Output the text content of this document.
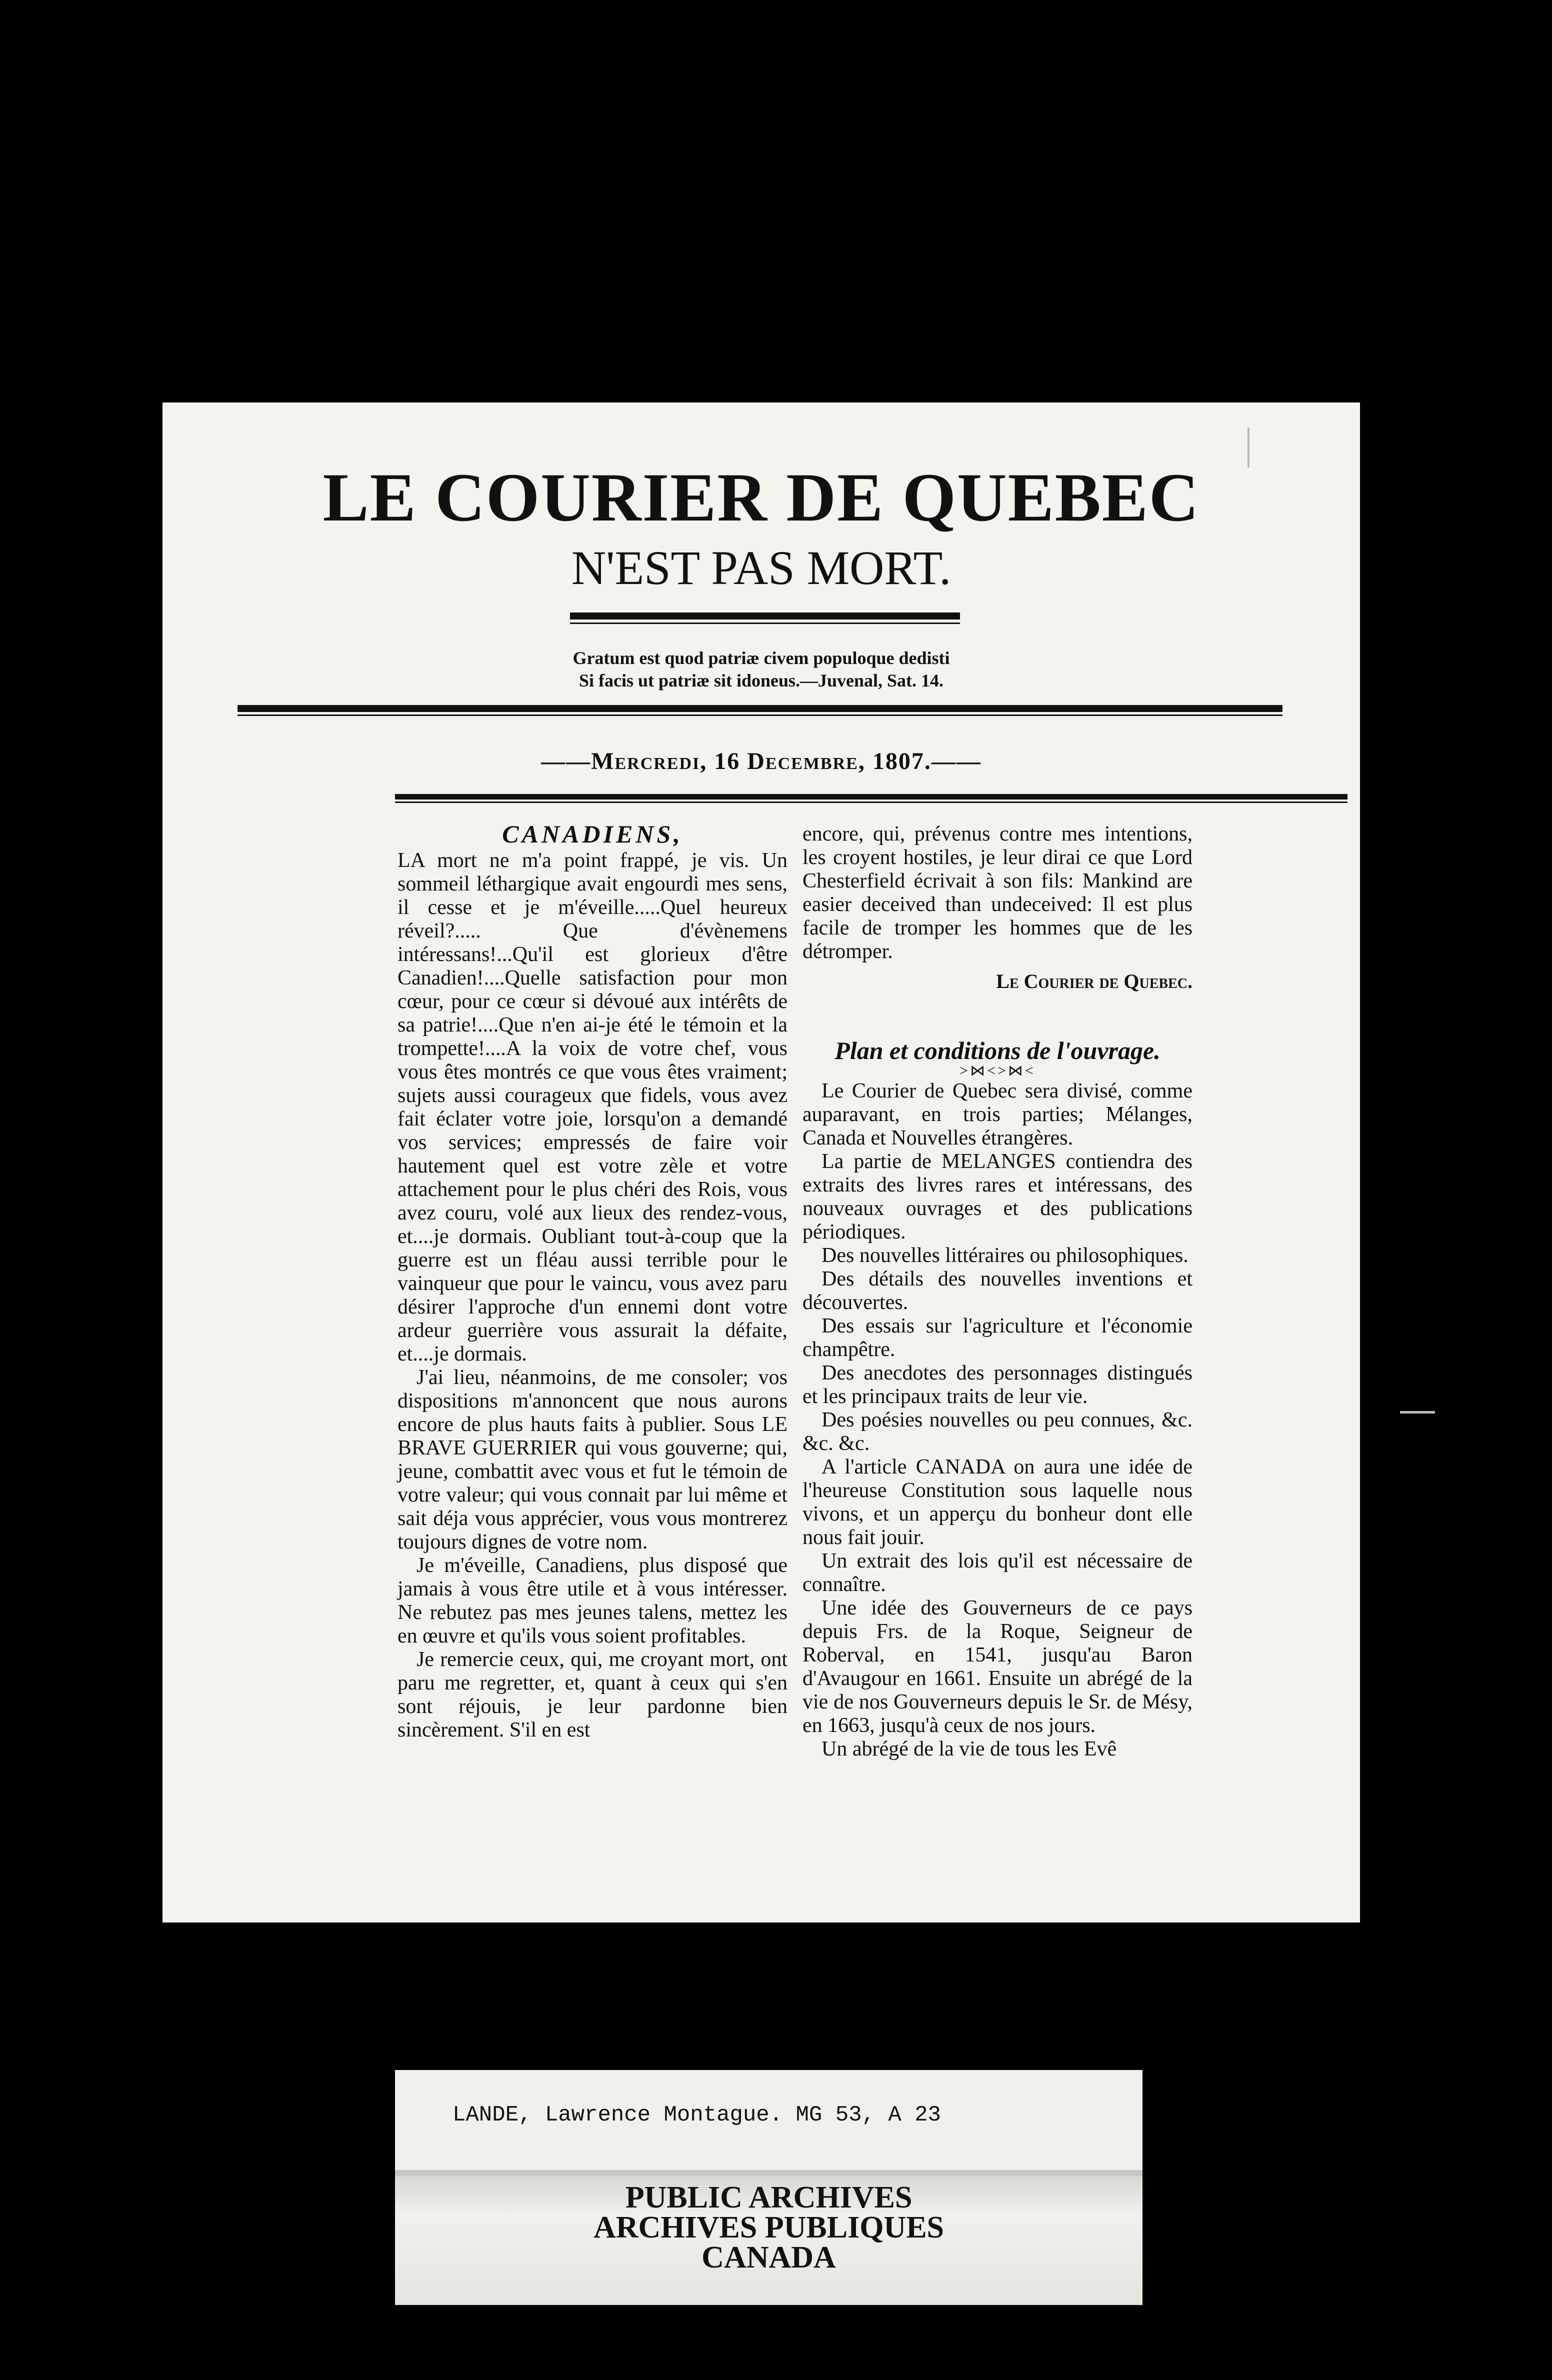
LE COURIER DE QUEBEC
N'EST PAS MORT.
Gratum est quod patriæ civem populoque dedisti
Si facis ut patriæ sit idoneus.—Juvenal, Sat. 14.
——Mercredi, 16 Decembre, 1807.——

CANADIENS,

LA mort ne m'a point frappé, je vis. Un sommeil léthargique avait engourdi mes sens, il cesse et je m'éveille.....Quel heureux réveil?..... Que d'évènemens intéressans!...Qu'il est glorieux d'être Canadien!....Quelle satisfaction pour mon cœur, pour ce cœur si dévoué aux intérêts de sa patrie!....Que n'en ai-je été le témoin et la trompette!....A la voix de votre chef, vous vous êtes montrés ce que vous êtes vraiment; sujets aussi courageux que fidels, vous avez fait éclater votre joie, lorsqu'on a demandé vos services; empressés de faire voir hautement quel est votre zèle et votre attachement pour le plus chéri des Rois, vous avez couru, volé aux lieux des rendez-vous, et....je dormais. Oubliant tout-à-coup que la guerre est un fléau aussi terrible pour le vainqueur que pour le vaincu, vous avez paru désirer l'approche d'un ennemi dont votre ardeur guerrière vous assurait la défaite, et....je dormais.

J'ai lieu, néanmoins, de me consoler; vos dispositions m'annoncent que nous aurons encore de plus hauts faits à publier. Sous LE BRAVE GUERRIER qui vous gouverne; qui, jeune, combattit avec vous et fut le témoin de votre valeur; qui vous connait par lui même et sait déja vous apprécier, vous vous montrerez toujours dignes de votre nom.

Je m'éveille, Canadiens, plus disposé que jamais à vous être utile et à vous intéresser. Ne rebutez pas mes jeunes talens, mettez les en œuvre et qu'ils vous soient profitables.

Je remercie ceux, qui, me croyant mort, ont paru me regretter, et, quant à ceux qui s'en sont réjouis, je leur pardonne bien sincèrement. S'il en est

encore, qui, prévenus contre mes intentions, les croyent hostiles, je leur dirai ce que Lord Chesterfield écrivait à son fils: Mankind are easier deceived than undeceived: Il est plus facile de tromper les hommes que de les détromper.

Le Courier de Quebec.

Plan et conditions de l'ouvrage.

>⋈<>⋈<

Le Courier de Quebec sera divisé, comme auparavant, en trois parties; Mélanges, Canada et Nouvelles étrangères.

La partie de MELANGES contiendra des extraits des livres rares et intéressans, des nouveaux ouvrages et des publications périodiques.

Des nouvelles littéraires ou philosophiques.

Des détails des nouvelles inventions et découvertes.

Des essais sur l'agriculture et l'économie champêtre.

Des anecdotes des personnages distingués et les principaux traits de leur vie.

Des poésies nouvelles ou peu connues, &c. &c. &c.

A l'article CANADA on aura une idée de l'heureuse Constitution sous laquelle nous vivons, et un apperçu du bonheur dont elle nous fait jouir.

Un extrait des lois qu'il est nécessaire de connaître.

Une idée des Gouverneurs de ce pays depuis Frs. de la Roque, Seigneur de Roberval, en 1541, jusqu'au Baron d'Avaugour en 1661. Ensuite un abrégé de la vie de nos Gouverneurs depuis le Sr. de Mésy, en 1663, jusqu'à ceux de nos jours.

Un abrégé de la vie de tous les Evê

LANDE, Lawrence Montague. MG 53, A 23
PUBLIC ARCHIVES
ARCHIVES PUBLIQUES
CANADA
